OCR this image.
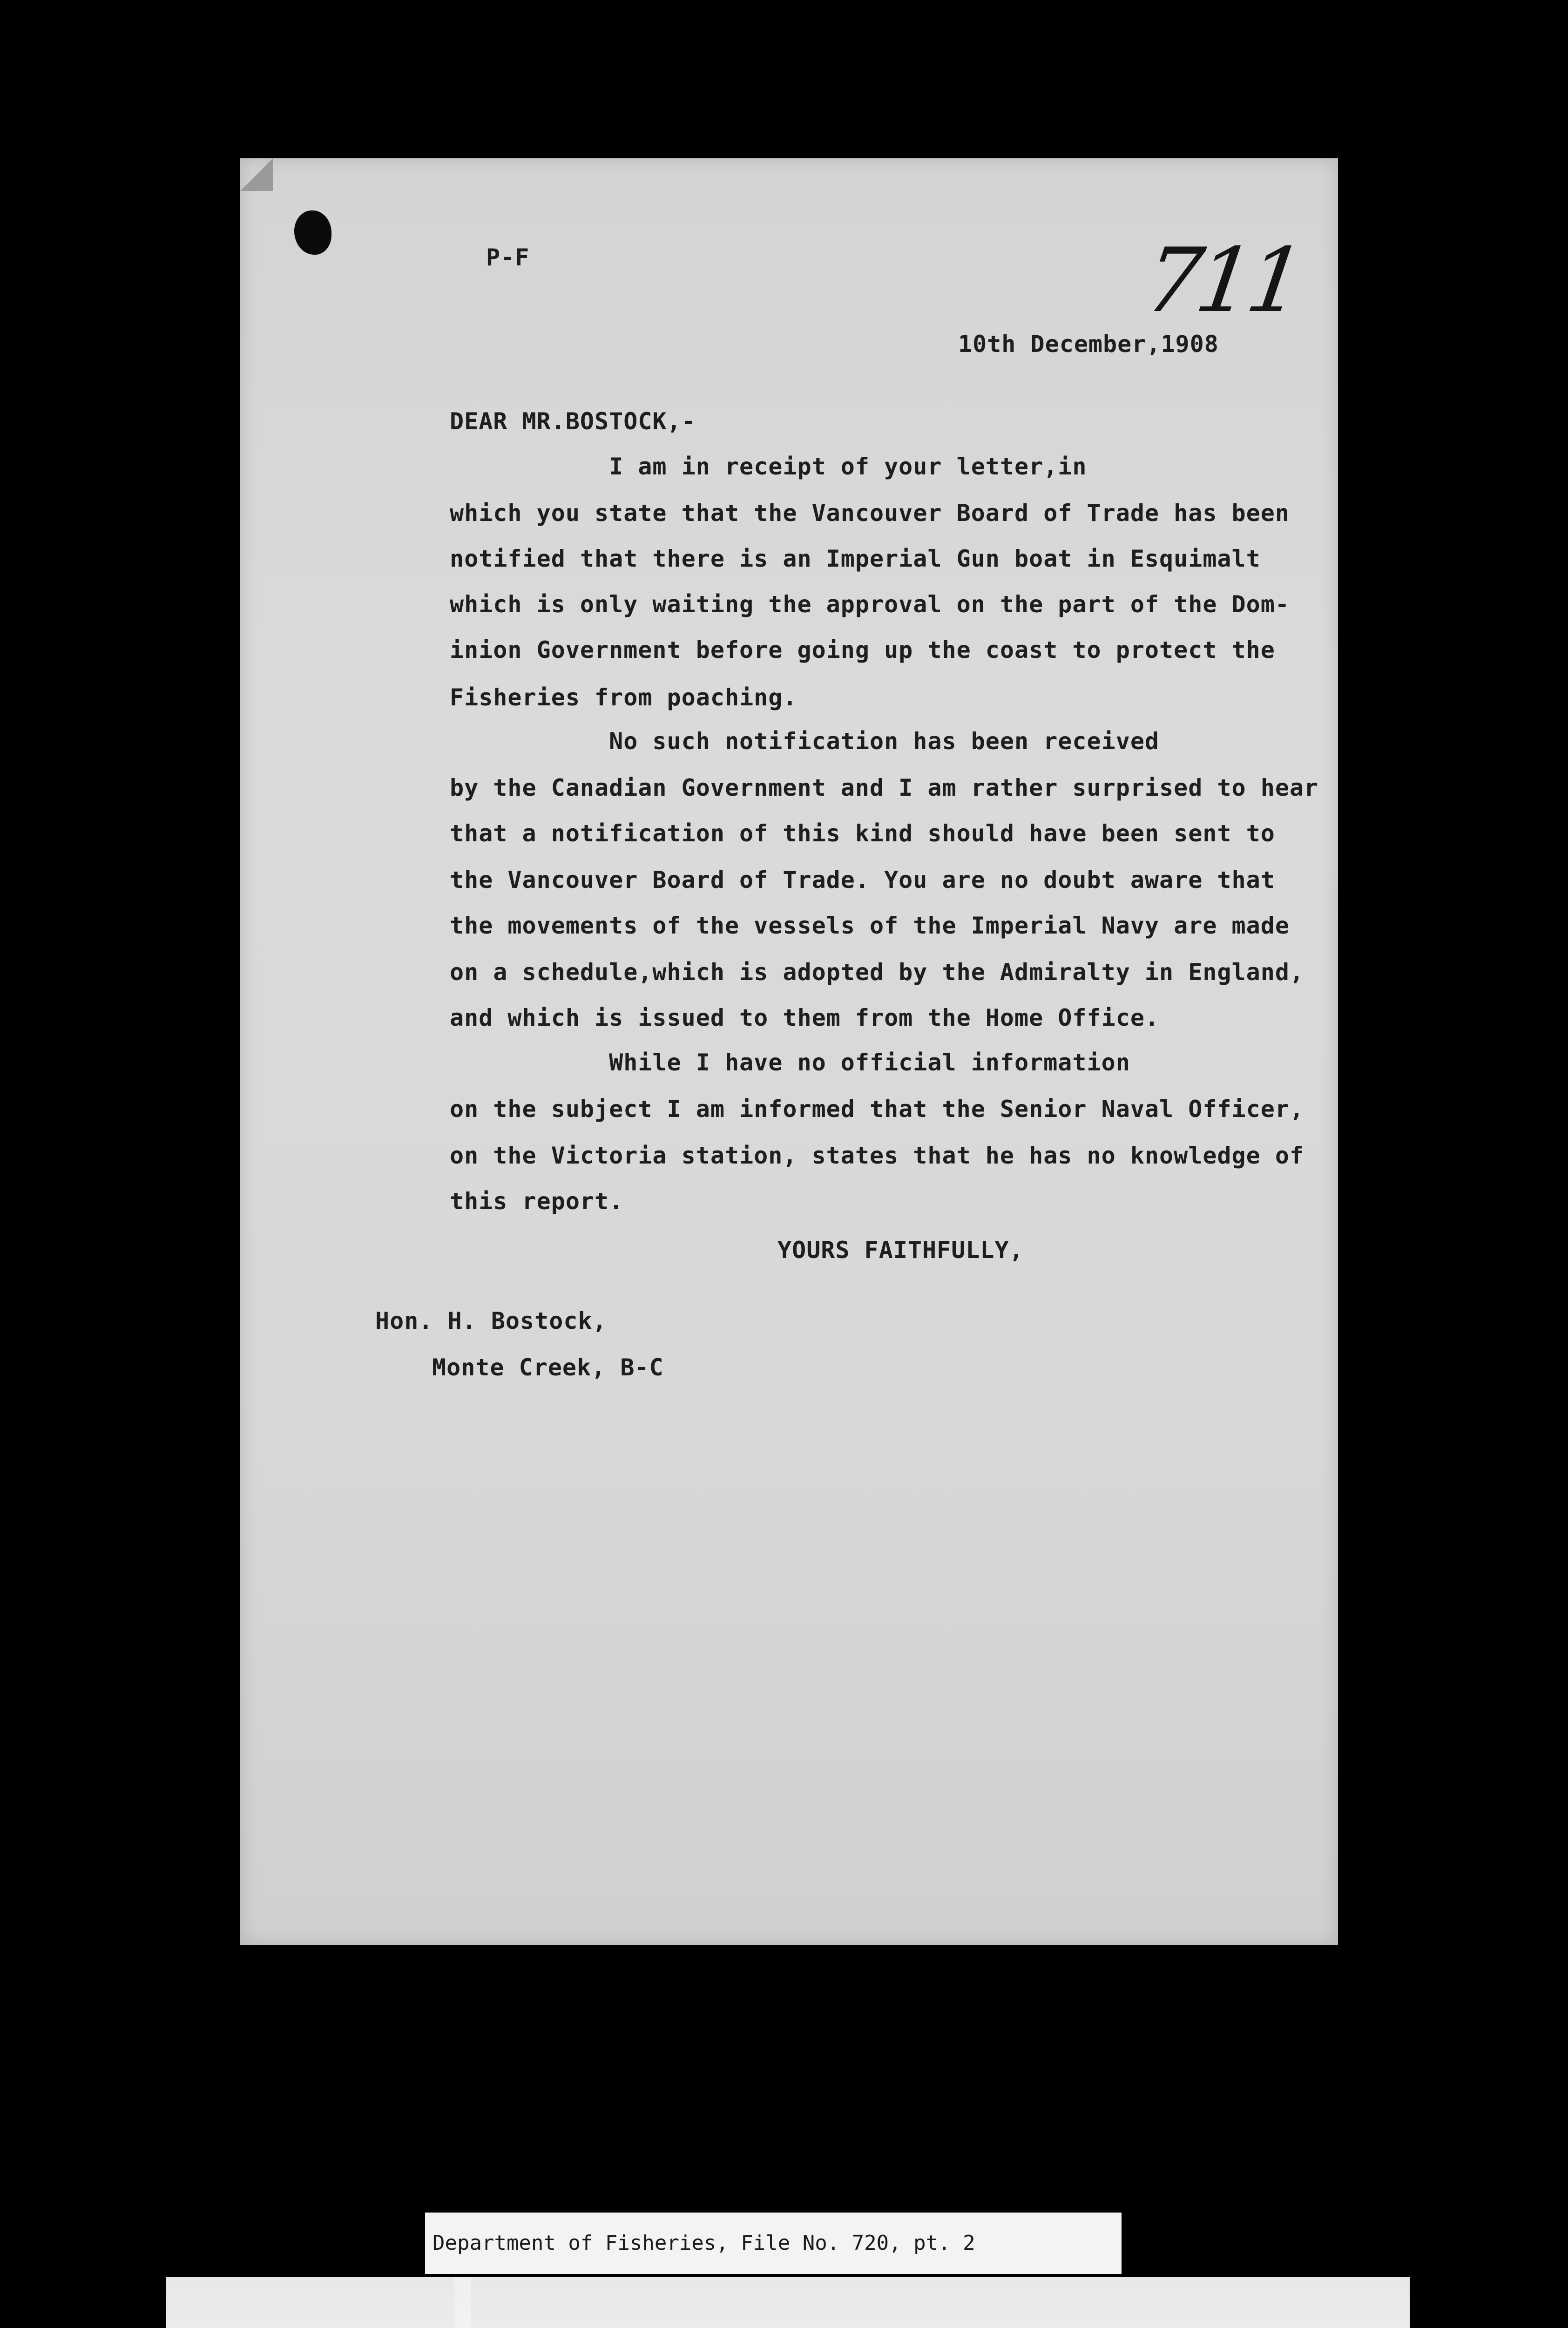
P-F	711
10th December,1908
DEAR MR.BOSTOCK,-
I am in receipt of your letter,in
which you state that the Vancouver Board of Trade has been
notified that there is an Imperial Gun boat in Esquimalt
which is only waiting the approval on the part of the Dom-
inion Government before going up the coast to protect the
Fisheries from poaching.
No such notification has been received
by the Canadian Government and I am rather surprised to hear
that a notification of this kind should have been sent to
the Vancouver Board of Trade. You are no doubt aware that
the movements of the vessels of the Imperial Navy are made
on a schedule,which is adopted by the Admiralty in England,
and which is issued to them from the Home Office.
While I have no official information
on the subject I am informed that the Senior Naval Officer,
on the Victoria station, states that he has no knowledge of
this report.
YOURS FAITHFULLY,
Hon. H. Bostock,
Monte Creek, B-C
Department of Fisheries, File No. 720, pt. 2
